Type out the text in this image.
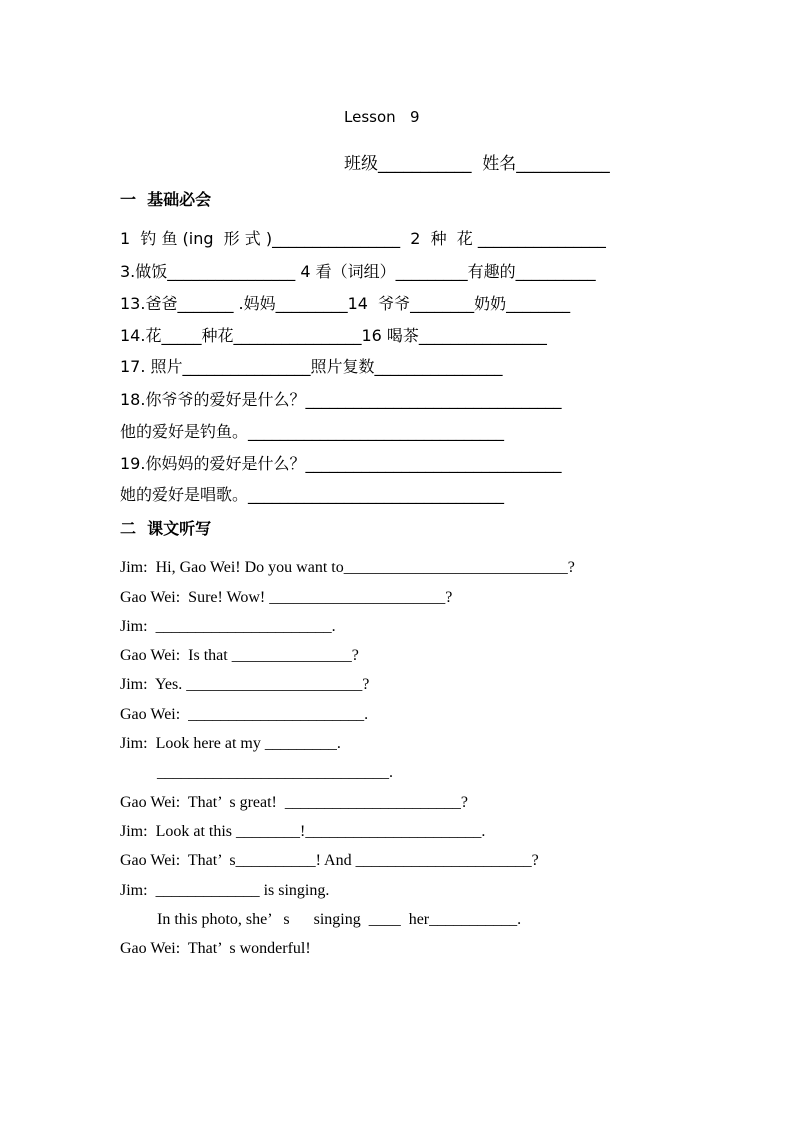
Lesson   9
班级___________  姓名___________
一  基础必会
1  钓 鱼 (ing  形 式 )________________  2  种  花 ________________
3.做饭________________ 4 看（词组）_________有趣的__________
13.爸爸_______ .妈妈_________14  爷爷________奶奶________
14.花_____种花________________16 喝茶________________
17. 照片________________照片复数________________
18.你爷爷的爱好是什么？________________________________
他的爱好是钓鱼。________________________________
19.你妈妈的爱好是什么？________________________________
她的爱好是唱歌。________________________________
二  课文听写
Jim:  Hi, Gao Wei! Do you want to____________________________?
Gao Wei:  Sure! Wow! ______________________?
Jim:  ______________________.
Gao Wei:  Is that _______________?
Jim:  Yes. ______________________?
Gao Wei:  ______________________.
Jim:  Look here at my _________.
_____________________________.
Gao Wei:  That’  s great!  ______________________?
Jim:  Look at this ________!______________________.
Gao Wei:  That’  s__________! And ______________________?
Jim:  _____________ is singing.
In this photo, she’   s      singing  ____  her___________.
Gao Wei:  That’  s wonderful!
